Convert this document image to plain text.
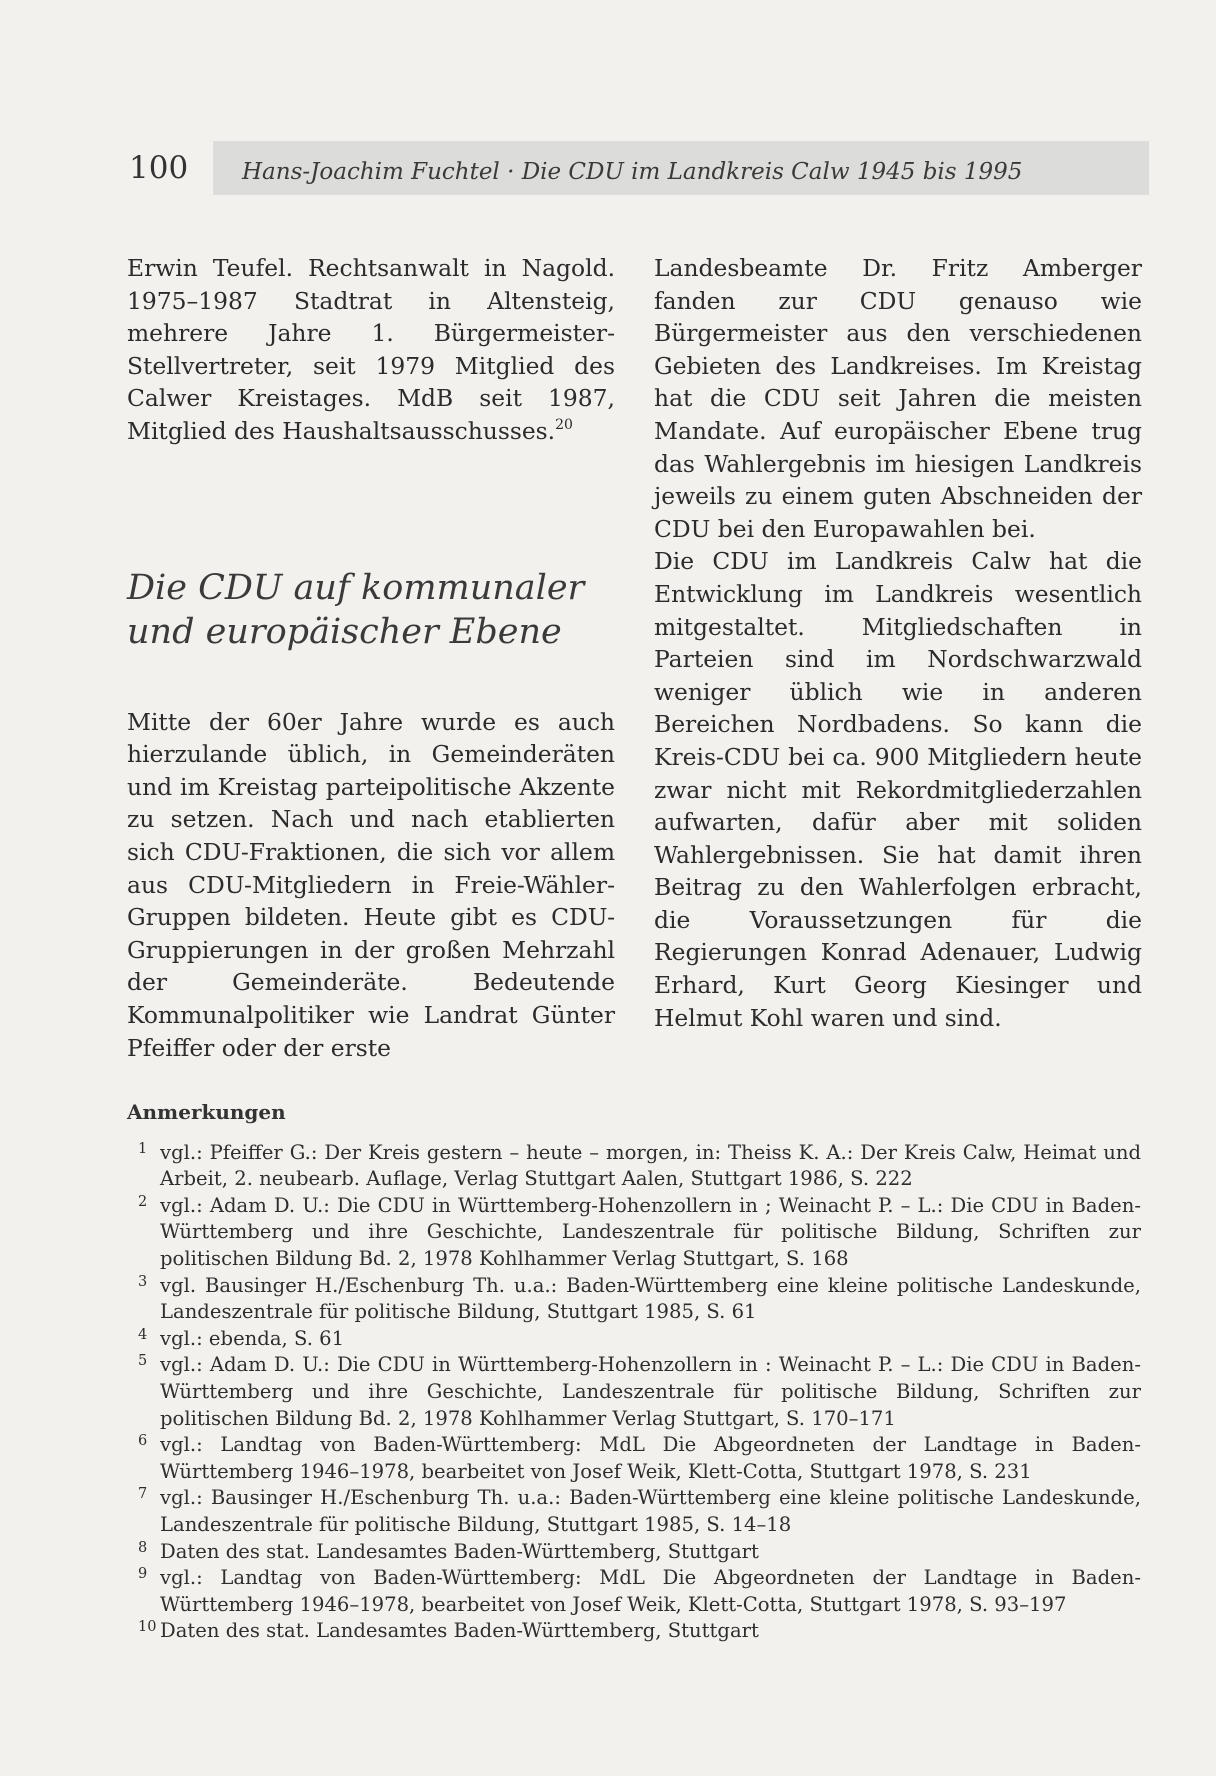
100 Hans-Joachim Fuchtel · Die CDU im Landkreis Calw 1945 bis 1995

Erwin Teufel. Rechtsanwalt in Nagold. 1975–1987 Stadtrat in Altensteig, mehrere Jahre 1. Bürgermeister-Stellvertreter, seit 1979 Mitglied des Calwer Kreistages. MdB seit 1987, Mitglied des Haushaltsausschusses.$^{20}$

Die CDU auf kommunaler
und europäischer Ebene

Mitte der 60er Jahre wurde es auch hierzulande üblich, in Gemeinderäten und im Kreistag parteipolitische Akzente zu setzen. Nach und nach etablierten sich CDU-Fraktionen, die sich vor allem aus CDU-Mitgliedern in Freie-Wähler-Gruppen bildeten. Heute gibt es CDU-Gruppierungen in der großen Mehrzahl der Gemeinderäte. Bedeutende Kommunalpolitiker wie Landrat Günter Pfeiffer oder der erste

Landesbeamte Dr. Fritz Amberger fanden zur CDU genauso wie Bürgermeister aus den verschiedenen Gebieten des Landkreises. Im Kreistag hat die CDU seit Jahren die meisten Mandate. Auf europäischer Ebene trug das Wahlergebnis im hiesigen Landkreis jeweils zu einem guten Abschneiden der CDU bei den Europawahlen bei.

Die CDU im Landkreis Calw hat die Entwicklung im Landkreis wesentlich mitgestaltet. Mitgliedschaften in Parteien sind im Nordschwarzwald weniger üblich wie in anderen Bereichen Nordbadens. So kann die Kreis-CDU bei ca. 900 Mitgliedern heute zwar nicht mit Rekordmitgliederzahlen aufwarten, dafür aber mit soliden Wahlergebnissen. Sie hat damit ihren Beitrag zu den Wahlerfolgen erbracht, die Voraussetzungen für die Regierungen Konrad Adenauer, Ludwig Erhard, Kurt Georg Kiesinger und Helmut Kohl waren und sind.

Anmerkungen
1 vgl.: Pfeiffer G.: Der Kreis gestern – heute – morgen, in: Theiss K. A.: Der Kreis Calw, Heimat und Arbeit, 2. neubearb. Auflage, Verlag Stuttgart Aalen, Stuttgart 1986, S. 222
2 vgl.: Adam D. U.: Die CDU in Württemberg-Hohenzollern in ; Weinacht P. – L.: Die CDU in Baden-Württemberg und ihre Geschichte, Landeszentrale für politische Bildung, Schriften zur politischen Bildung Bd. 2, 1978 Kohlhammer Verlag Stuttgart, S. 168
3 vgl. Bausinger H./Eschenburg Th. u.a.: Baden-Württemberg eine kleine politische Landeskunde, Landeszentrale für politische Bildung, Stuttgart 1985, S. 61
4 vgl.: ebenda, S. 61
5 vgl.: Adam D. U.: Die CDU in Württemberg-Hohenzollern in : Weinacht P. – L.: Die CDU in Baden-Württemberg und ihre Geschichte, Landeszentrale für politische Bildung, Schriften zur politischen Bildung Bd. 2, 1978 Kohlhammer Verlag Stuttgart, S. 170–171
6 vgl.: Landtag von Baden-Württemberg: MdL Die Abgeordneten der Landtage in Baden-Württemberg 1946–1978, bearbeitet von Josef Weik, Klett-Cotta, Stuttgart 1978, S. 231
7 vgl.: Bausinger H./Eschenburg Th. u.a.: Baden-Württemberg eine kleine politische Landeskunde, Landeszentrale für politische Bildung, Stuttgart 1985, S. 14–18
8 Daten des stat. Landesamtes Baden-Württemberg, Stuttgart
9 vgl.: Landtag von Baden-Württemberg: MdL Die Abgeordneten der Landtage in Baden-Württemberg 1946–1978, bearbeitet von Josef Weik, Klett-Cotta, Stuttgart 1978, S. 93–197
10 Daten des stat. Landesamtes Baden-Württemberg, Stuttgart
